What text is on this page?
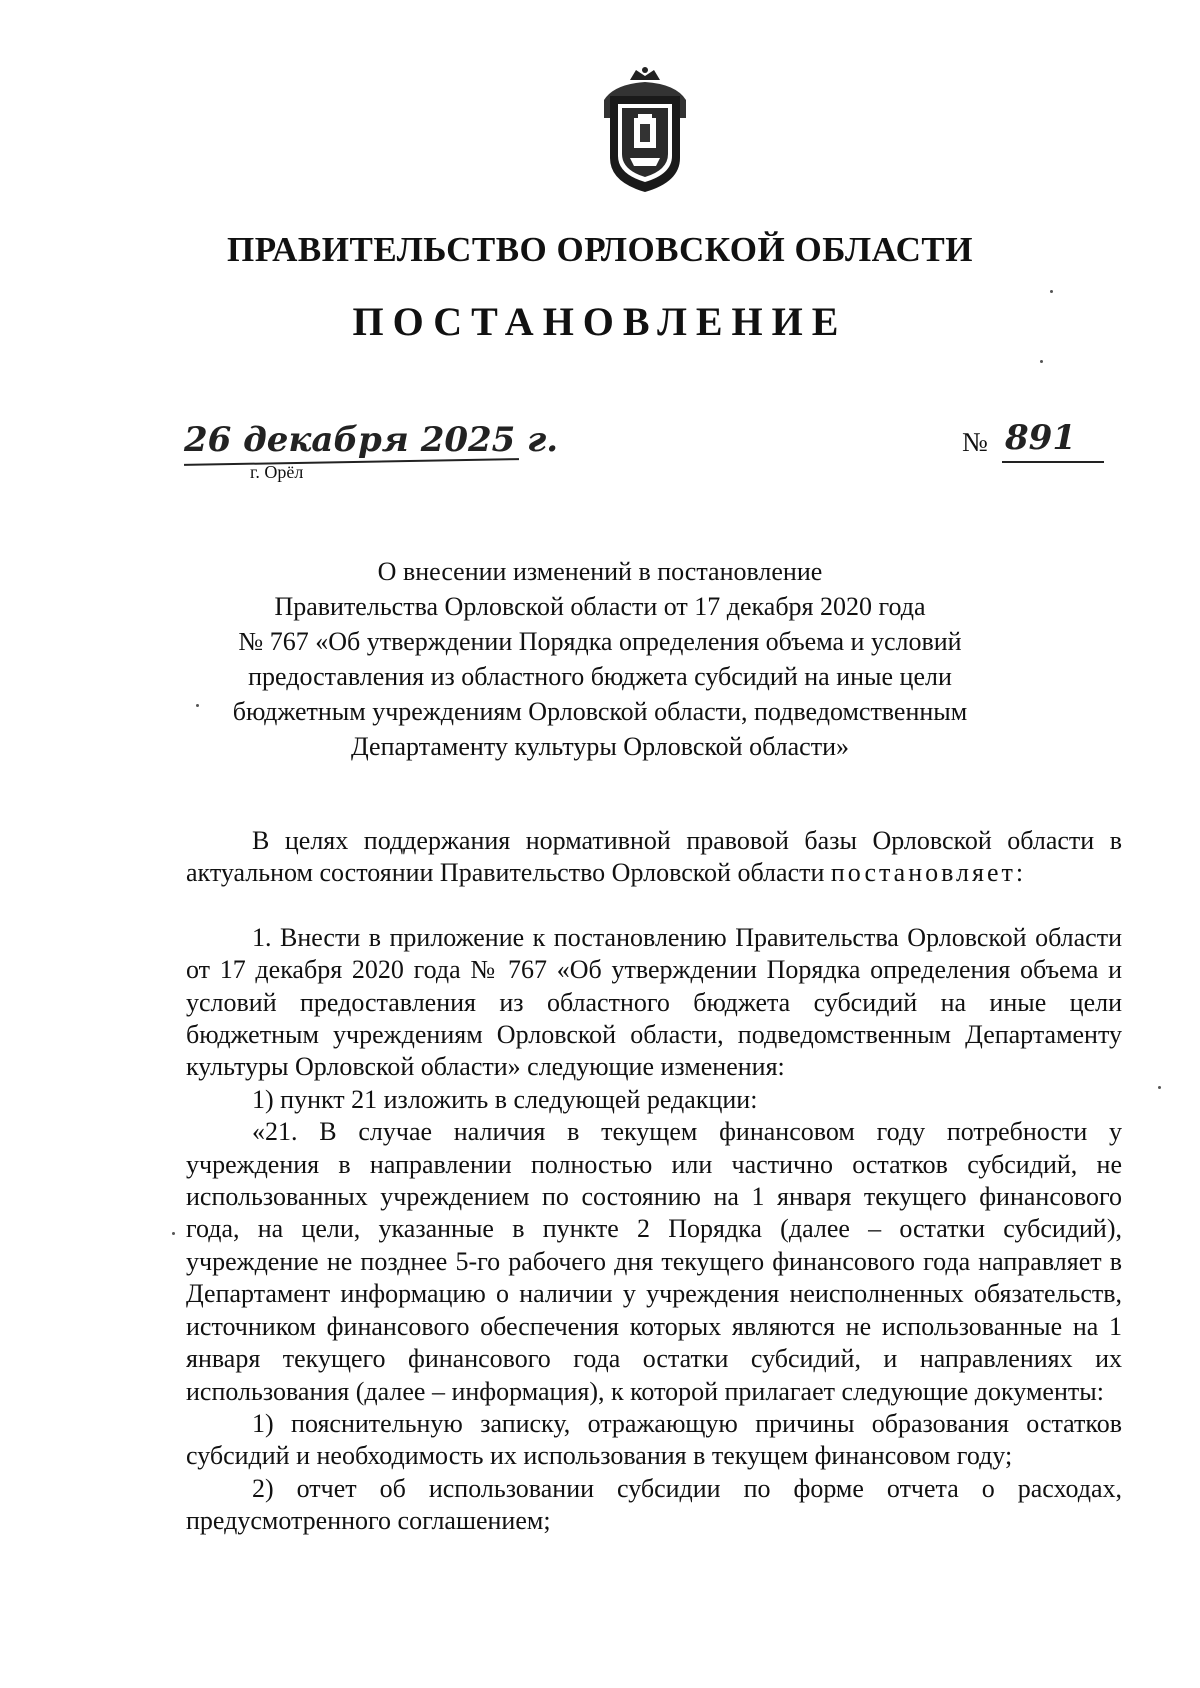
ПРАВИТЕЛЬСТВО ОРЛОВСКОЙ ОБЛАСТИ
ПОСТАНОВЛЕНИЕ
26 декабря 2025 г.
г. Орёл
№ 891
О внесении изменений в постановление
Правительства Орловской области от 17 декабря 2020 года
№ 767 «Об утверждении Порядка определения объема и условий
предоставления из областного бюджета субсидий на иные цели
бюджетным учреждениям Орловской области, подведомственным
Департаменту культуры Орловской области»

В целях поддержания нормативной правовой базы Орловской области в актуальном состоянии Правительство Орловской области постановляет:

1. Внести в приложение к постановлению Правительства Орловской области от 17 декабря 2020 года № 767 «Об утверждении Порядка определения объема и условий предоставления из областного бюджета субсидий на иные цели бюджетным учреждениям Орловской области, подведомственным Департаменту культуры Орловской области» следующие изменения:

1) пункт 21 изложить в следующей редакции:

«21. В случае наличия в текущем финансовом году потребности у учреждения в направлении полностью или частично остатков субсидий, не использованных учреждением по состоянию на 1 января текущего финансового года, на цели, указанные в пункте 2 Порядка (далее – остатки субсидий), учреждение не позднее 5-го рабочего дня текущего финансового года направляет в Департамент информацию о наличии у учреждения неисполненных обязательств, источником финансового обеспечения которых являются не использованные на 1 января текущего финансового года остатки субсидий, и направлениях их использования (далее – информация), к которой прилагает следующие документы:

1) пояснительную записку, отражающую причины образования остатков субсидий и необходимость их использования в текущем финансовом году;

2) отчет об использовании субсидии по форме отчета о расходах, предусмотренного соглашением;
